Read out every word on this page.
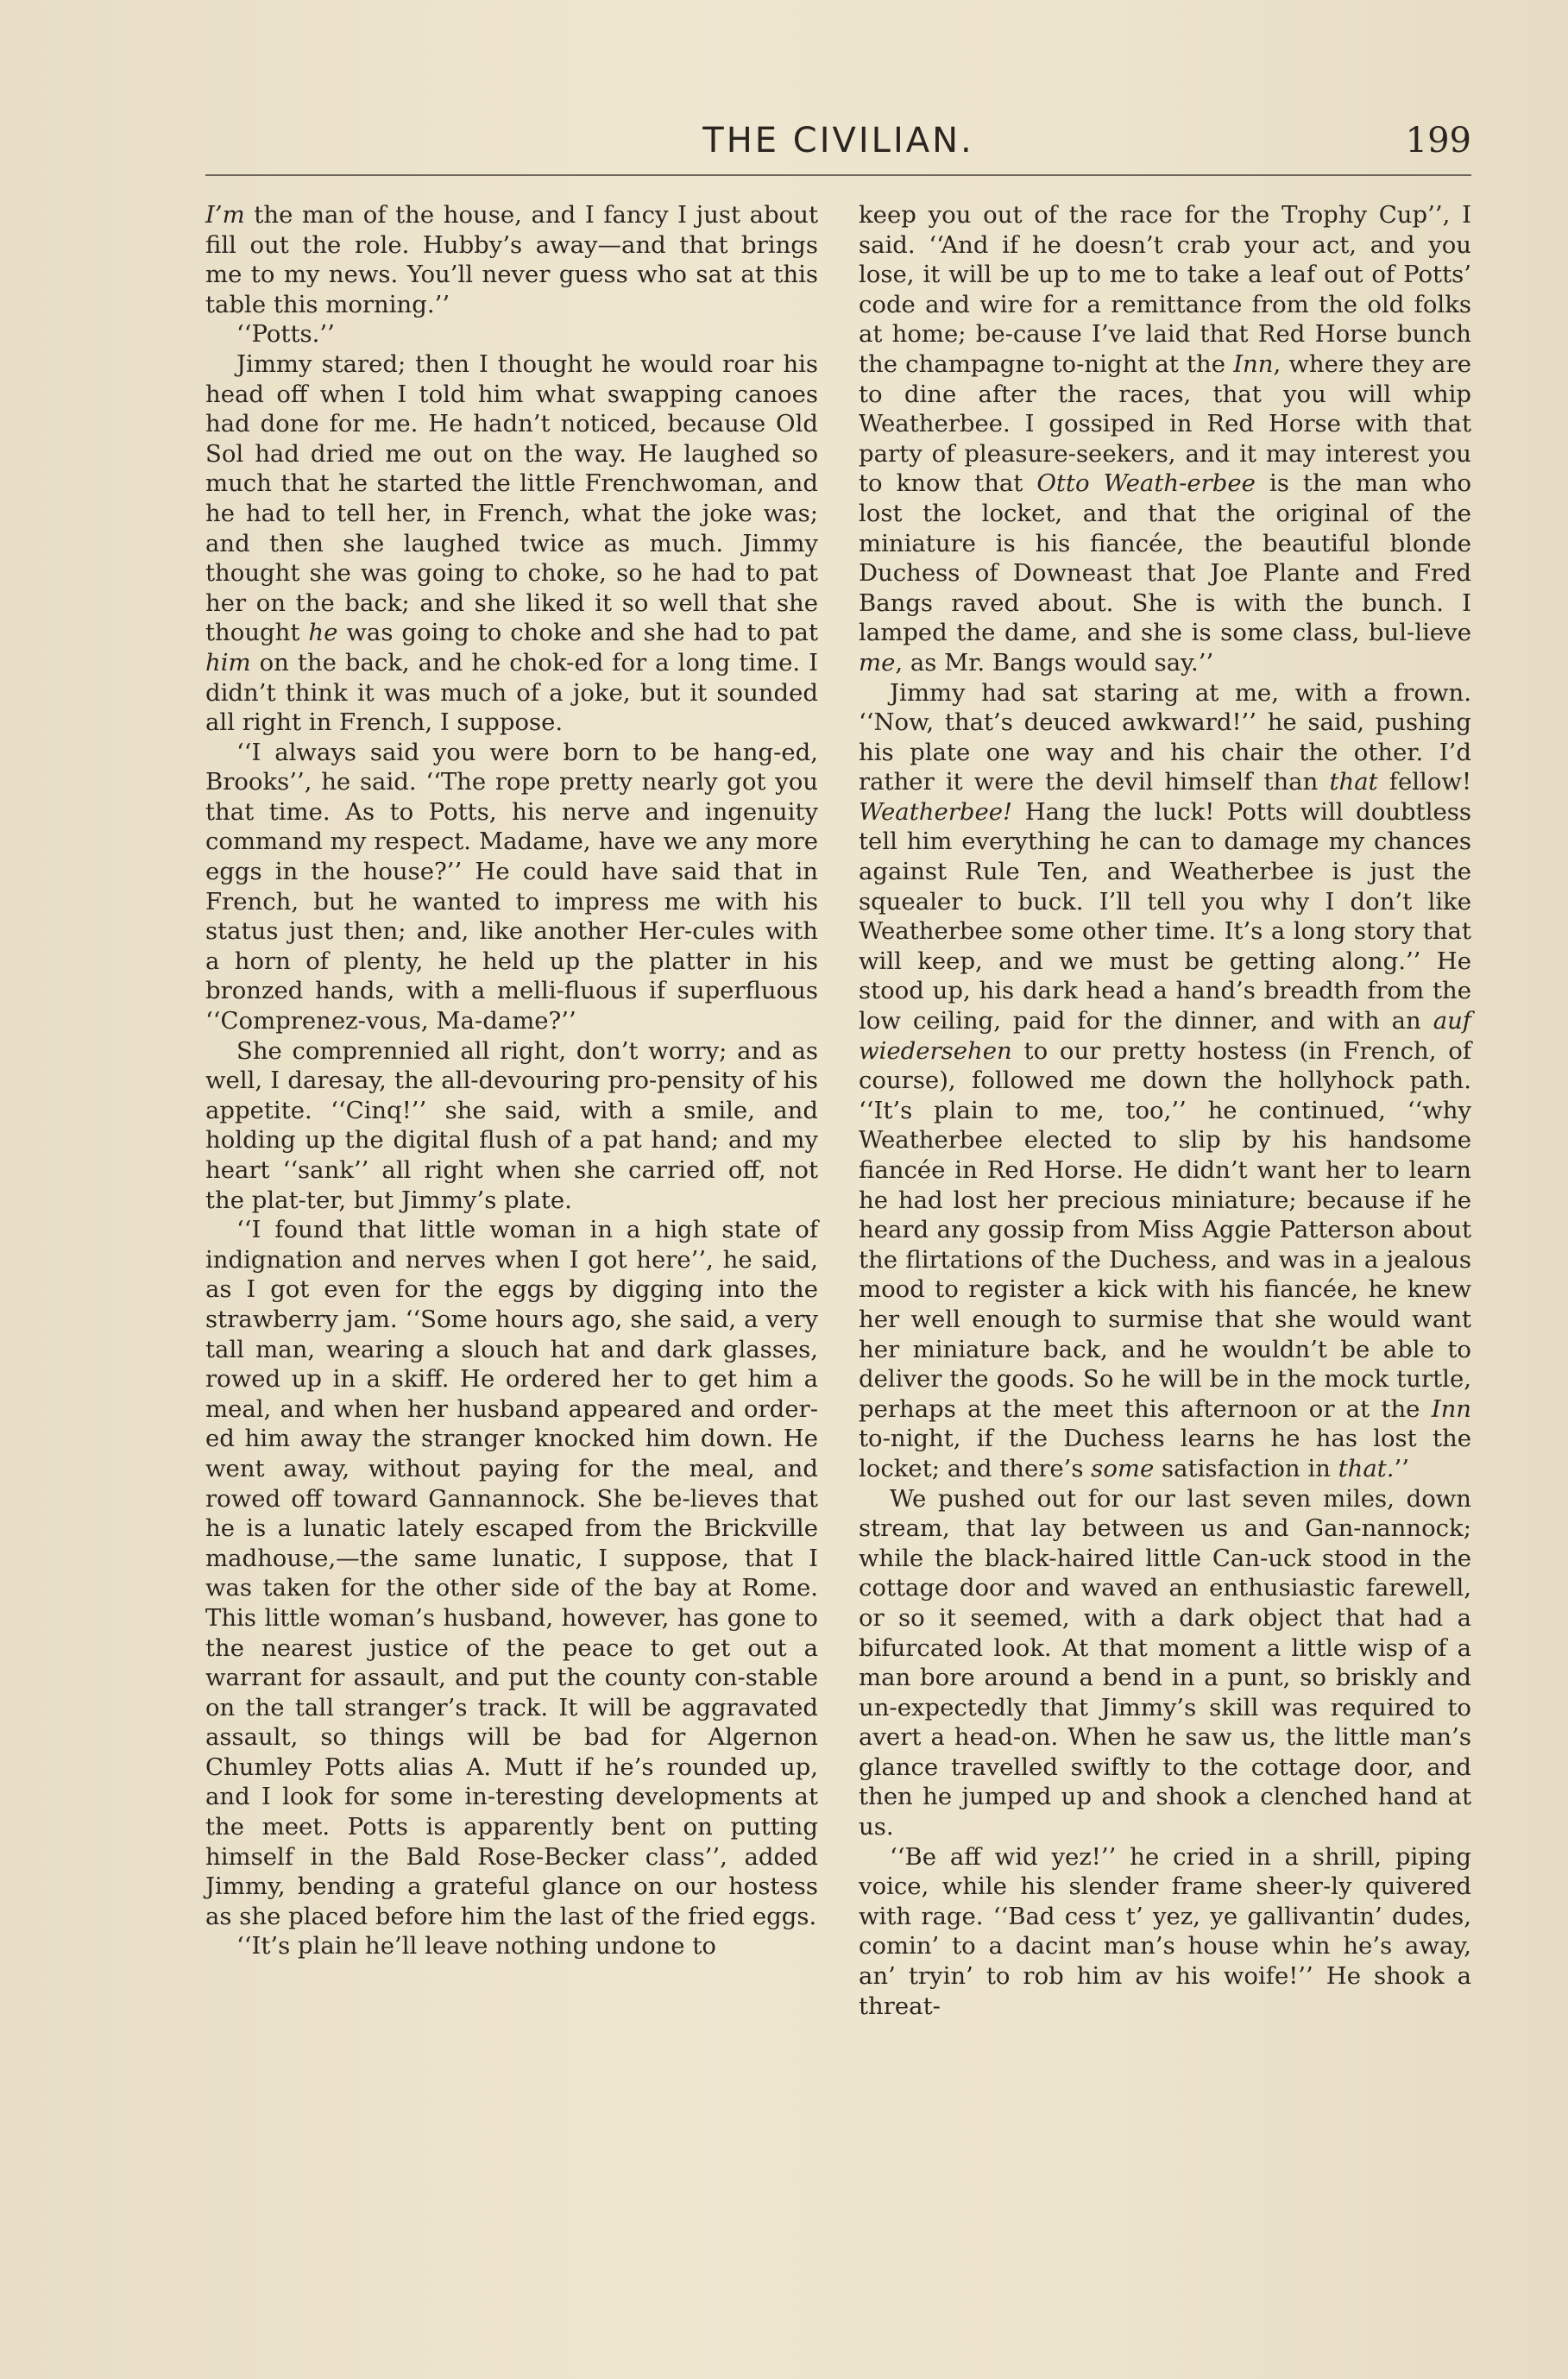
THE CIVILIAN.	199

I’m the man of the house, and I fancy I just about fill out the role. Hubby’s away—and that brings me to my news. You’ll never guess who sat at this table this morning.’’

‘‘Potts.’’

Jimmy stared; then I thought he would roar his head off when I told him what swapping canoes had done for me. He hadn’t noticed, because Old Sol had dried me out on the way. He laughed so much that he started the little Frenchwoman, and he had to tell her, in French, what the joke was; and then she laughed twice as much. Jimmy thought she was going to choke, so he had to pat her on the back; and she liked it so well that she thought he was going to choke and she had to pat him on the back, and he chok-ed for a long time. I didn’t think it was much of a joke, but it sounded all right in French, I suppose.

‘‘I always said you were born to be hang-ed, Brooks’’, he said. ‘‘The rope pretty nearly got you that time. As to Potts, his nerve and ingenuity command my respect. Madame, have we any more eggs in the house?’’ He could have said that in French, but he wanted to impress me with his status just then; and, like another Her-cules with a horn of plenty, he held up the platter in his bronzed hands, with a melli-fluous if superfluous ‘‘Comprenez-vous, Ma-dame?’’

She comprennied all right, don’t worry; and as well, I daresay, the all-devouring pro-pensity of his appetite. ‘‘Cinq!’’ she said, with a smile, and holding up the digital flush of a pat hand; and my heart ‘‘sank’’ all right when she carried off, not the plat-ter, but Jimmy’s plate.

‘‘I found that little woman in a high state of indignation and nerves when I got here’’, he said, as I got even for the eggs by digging into the strawberry jam. ‘‘Some hours ago, she said, a very tall man, wearing a slouch hat and dark glasses, rowed up in a skiff. He ordered her to get him a meal, and when her husband appeared and order-ed him away the stranger knocked him down. He went away, without paying for the meal, and rowed off toward Gannannock. She be-lieves that he is a lunatic lately escaped from the Brickville madhouse,—the same lunatic, I suppose, that I was taken for the other side of the bay at Rome. This little woman’s husband, however, has gone to the nearest justice of the peace to get out a warrant for assault, and put the county con-stable on the tall stranger’s track. It will be aggravated assault, so things will be bad for Algernon Chumley Potts alias A. Mutt if he’s rounded up, and I look for some in-teresting developments at the meet. Potts is apparently bent on putting himself in the Bald Rose-Becker class’’, added Jimmy, bending a grateful glance on our hostess as she placed before him the last of the fried eggs.

‘‘It’s plain he’ll leave nothing undone to

keep you out of the race for the Trophy Cup’’, I said. ‘‘And if he doesn’t crab your act, and you lose, it will be up to me to take a leaf out of Potts’ code and wire for a remittance from the old folks at home; be-cause I’ve laid that Red Horse bunch the champagne to-night at the Inn, where they are to dine after the races, that you will whip Weatherbee. I gossiped in Red Horse with that party of pleasure-seekers, and it may interest you to know that Otto Weath-erbee is the man who lost the locket, and that the original of the miniature is his fiancée, the beautiful blonde Duchess of Downeast that Joe Plante and Fred Bangs raved about. She is with the bunch. I lamped the dame, and she is some class, bul-lieve me, as Mr. Bangs would say.’’

Jimmy had sat staring at me, with a frown. ‘‘Now, that’s deuced awkward!’’ he said, pushing his plate one way and his chair the other. I’d rather it were the devil himself than that fellow! Weatherbee! Hang the luck! Potts will doubtless tell him everything he can to damage my chances against Rule Ten, and Weatherbee is just the squealer to buck. I’ll tell you why I don’t like Weatherbee some other time. It’s a long story that will keep, and we must be getting along.’’ He stood up, his dark head a hand’s breadth from the low ceiling, paid for the dinner, and with an auf wiedersehen to our pretty hostess (in French, of course), followed me down the hollyhock path. ‘‘It’s plain to me, too,’’ he continued, ‘‘why Weatherbee elected to slip by his handsome fiancée in Red Horse. He didn’t want her to learn he had lost her precious miniature; because if he heard any gossip from Miss Aggie Patterson about the flirtations of the Duchess, and was in a jealous mood to register a kick with his fiancée, he knew her well enough to surmise that she would want her miniature back, and he wouldn’t be able to deliver the goods. So he will be in the mock turtle, perhaps at the meet this afternoon or at the Inn to-night, if the Duchess learns he has lost the locket; and there’s some satisfaction in that.’’

We pushed out for our last seven miles, down stream, that lay between us and Gan-nannock; while the black-haired little Can-uck stood in the cottage door and waved an enthusiastic farewell, or so it seemed, with a dark object that had a bifurcated look. At that moment a little wisp of a man bore around a bend in a punt, so briskly and un-expectedly that Jimmy’s skill was required to avert a head-on. When he saw us, the little man’s glance travelled swiftly to the cottage door, and then he jumped up and shook a clenched hand at us.

‘‘Be aff wid yez!’’ he cried in a shrill, piping voice, while his slender frame sheer-ly quivered with rage. ‘‘Bad cess t’ yez, ye gallivantin’ dudes, comin’ to a dacint man’s house whin he’s away, an’ tryin’ to rob him av his woife!’’ He shook a threat-
